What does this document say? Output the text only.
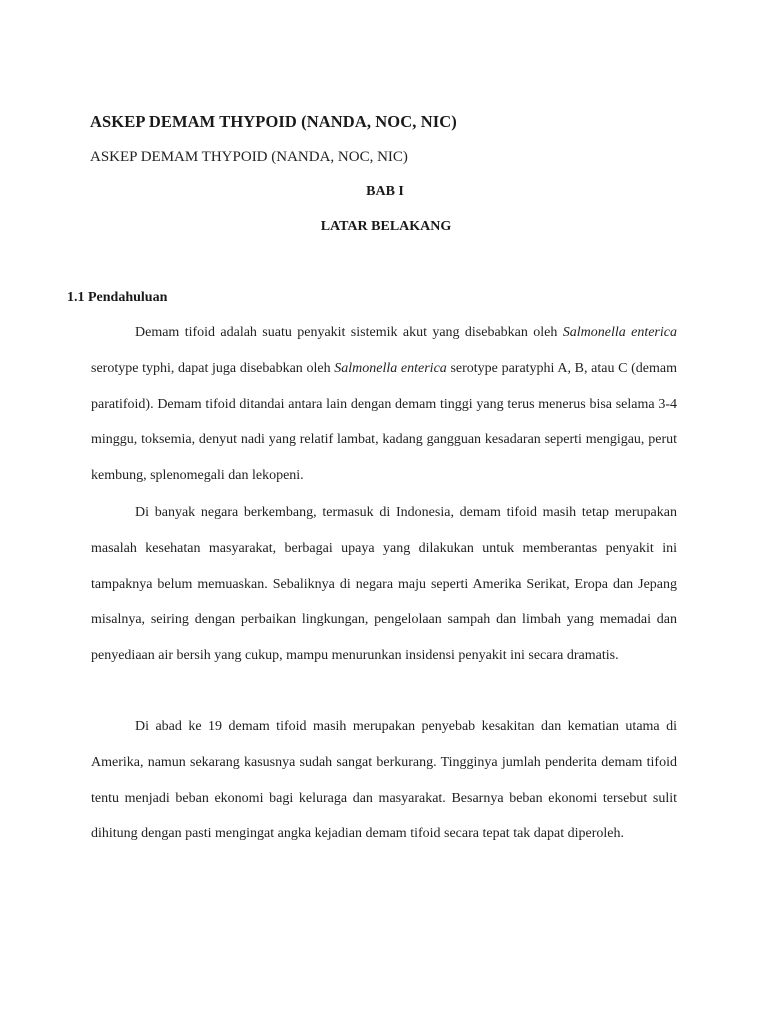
ASKEP DEMAM THYPOID (NANDA, NOC, NIC)
ASKEP DEMAM THYPOID (NANDA, NOC, NIC)
BAB I
LATAR BELAKANG
1.1 Pendahuluan

Demam tifoid adalah suatu penyakit sistemik akut yang disebabkan oleh Salmonella enterica serotype typhi, dapat juga disebabkan oleh Salmonella enterica serotype paratyphi A, B, atau C (demam paratifoid). Demam tifoid ditandai antara lain dengan demam tinggi yang terus menerus bisa selama 3-4 minggu, toksemia, denyut nadi yang relatif lambat, kadang gangguan kesadaran seperti mengigau, perut kembung, splenomegali dan lekopeni.

Di banyak negara berkembang, termasuk di Indonesia, demam tifoid masih tetap merupakan masalah kesehatan masyarakat, berbagai upaya yang dilakukan untuk memberantas penyakit ini tampaknya belum memuaskan. Sebaliknya di negara maju seperti Amerika Serikat, Eropa dan Jepang misalnya, seiring dengan perbaikan lingkungan, pengelolaan sampah dan limbah yang memadai dan penyediaan air bersih yang cukup, mampu menurunkan insidensi penyakit ini secara dramatis.

Di abad ke 19 demam tifoid masih merupakan penyebab kesakitan dan kematian utama di Amerika, namun sekarang kasusnya sudah sangat berkurang. Tingginya jumlah penderita demam tifoid tentu menjadi beban ekonomi bagi keluraga dan masyarakat. Besarnya beban ekonomi tersebut sulit dihitung dengan pasti mengingat angka kejadian demam tifoid secara tepat tak dapat diperoleh.
